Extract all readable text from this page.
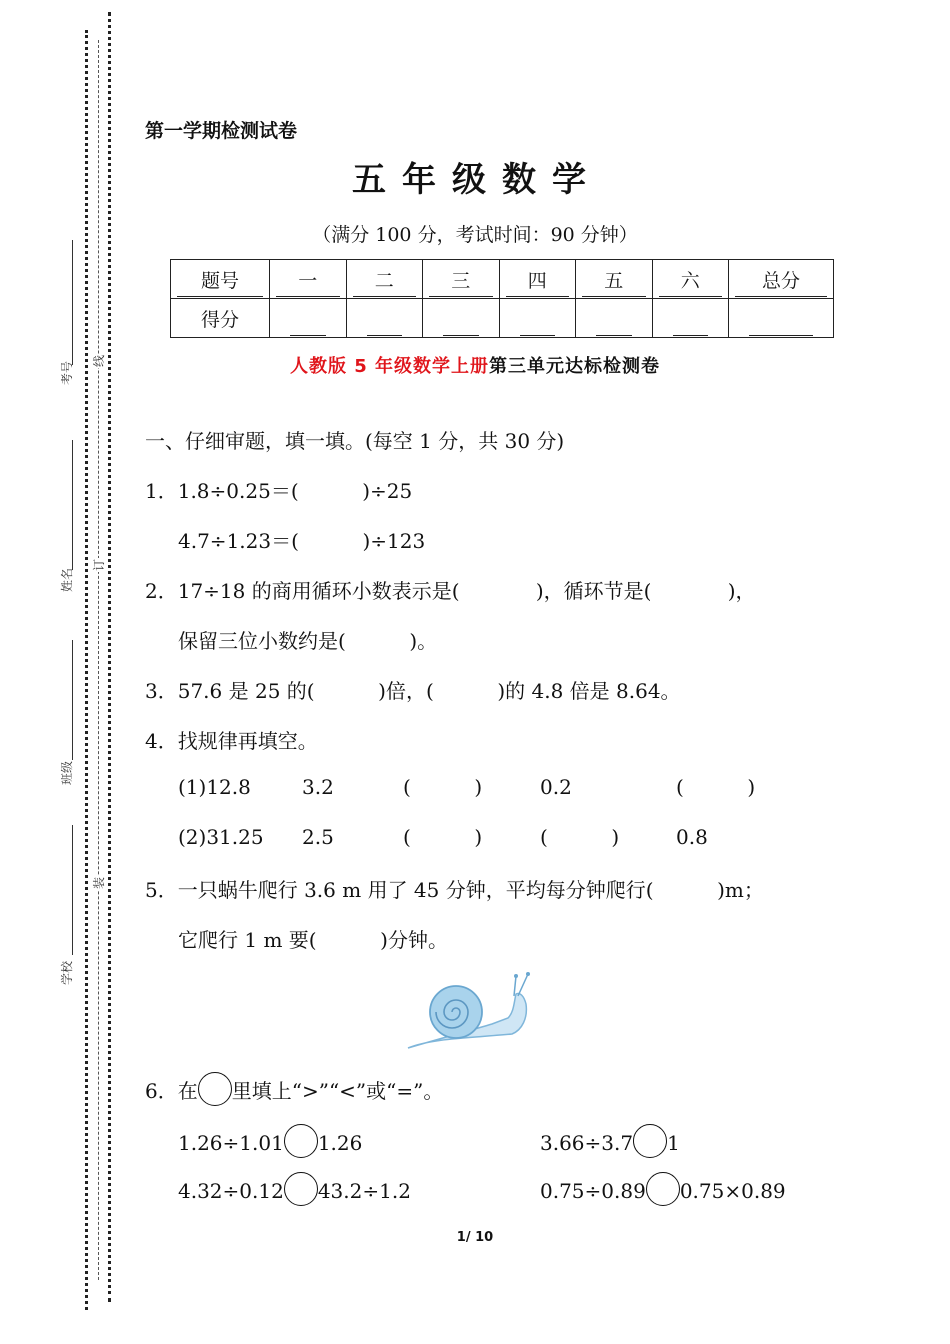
考号
姓名
班级
学校
线
订
装
第一学期检测试卷
五年级数学
（满分 100 分，考试时间：90 分钟）
题号	一	二	三	四	五	六	总分

得分							

人教版 5 年级数学上册第三单元达标检测卷
一、仔细审题，填一填。(每空 1 分，共 30 分)
1．1.8÷0.25＝(          )÷25
4.7÷1.23＝(          )÷123
2．17÷18 的商用循环小数表示是(            )，循环节是(            )，
保留三位小数约是(          )。
3．57.6 是 25 的(          )倍，(          )的 4.8 倍是 8.64。
4．找规律再填空。
(1)12.8	3.2	(          )	0.2	(          )
(2)31.25 2.5	(          )	(          )	0.8
5．一只蜗牛爬行 3.6 m 用了 45 分钟，平均每分钟爬行(          )m；
它爬行 1 m 要(          )分钟。
6．在 里填上“>”“<”或“=”。
1.26÷1.01 1.26	3.66÷3.7 1
4.32÷0.12 43.2÷1.2	0.75÷0.89 0.75×0.89
1/ 10
